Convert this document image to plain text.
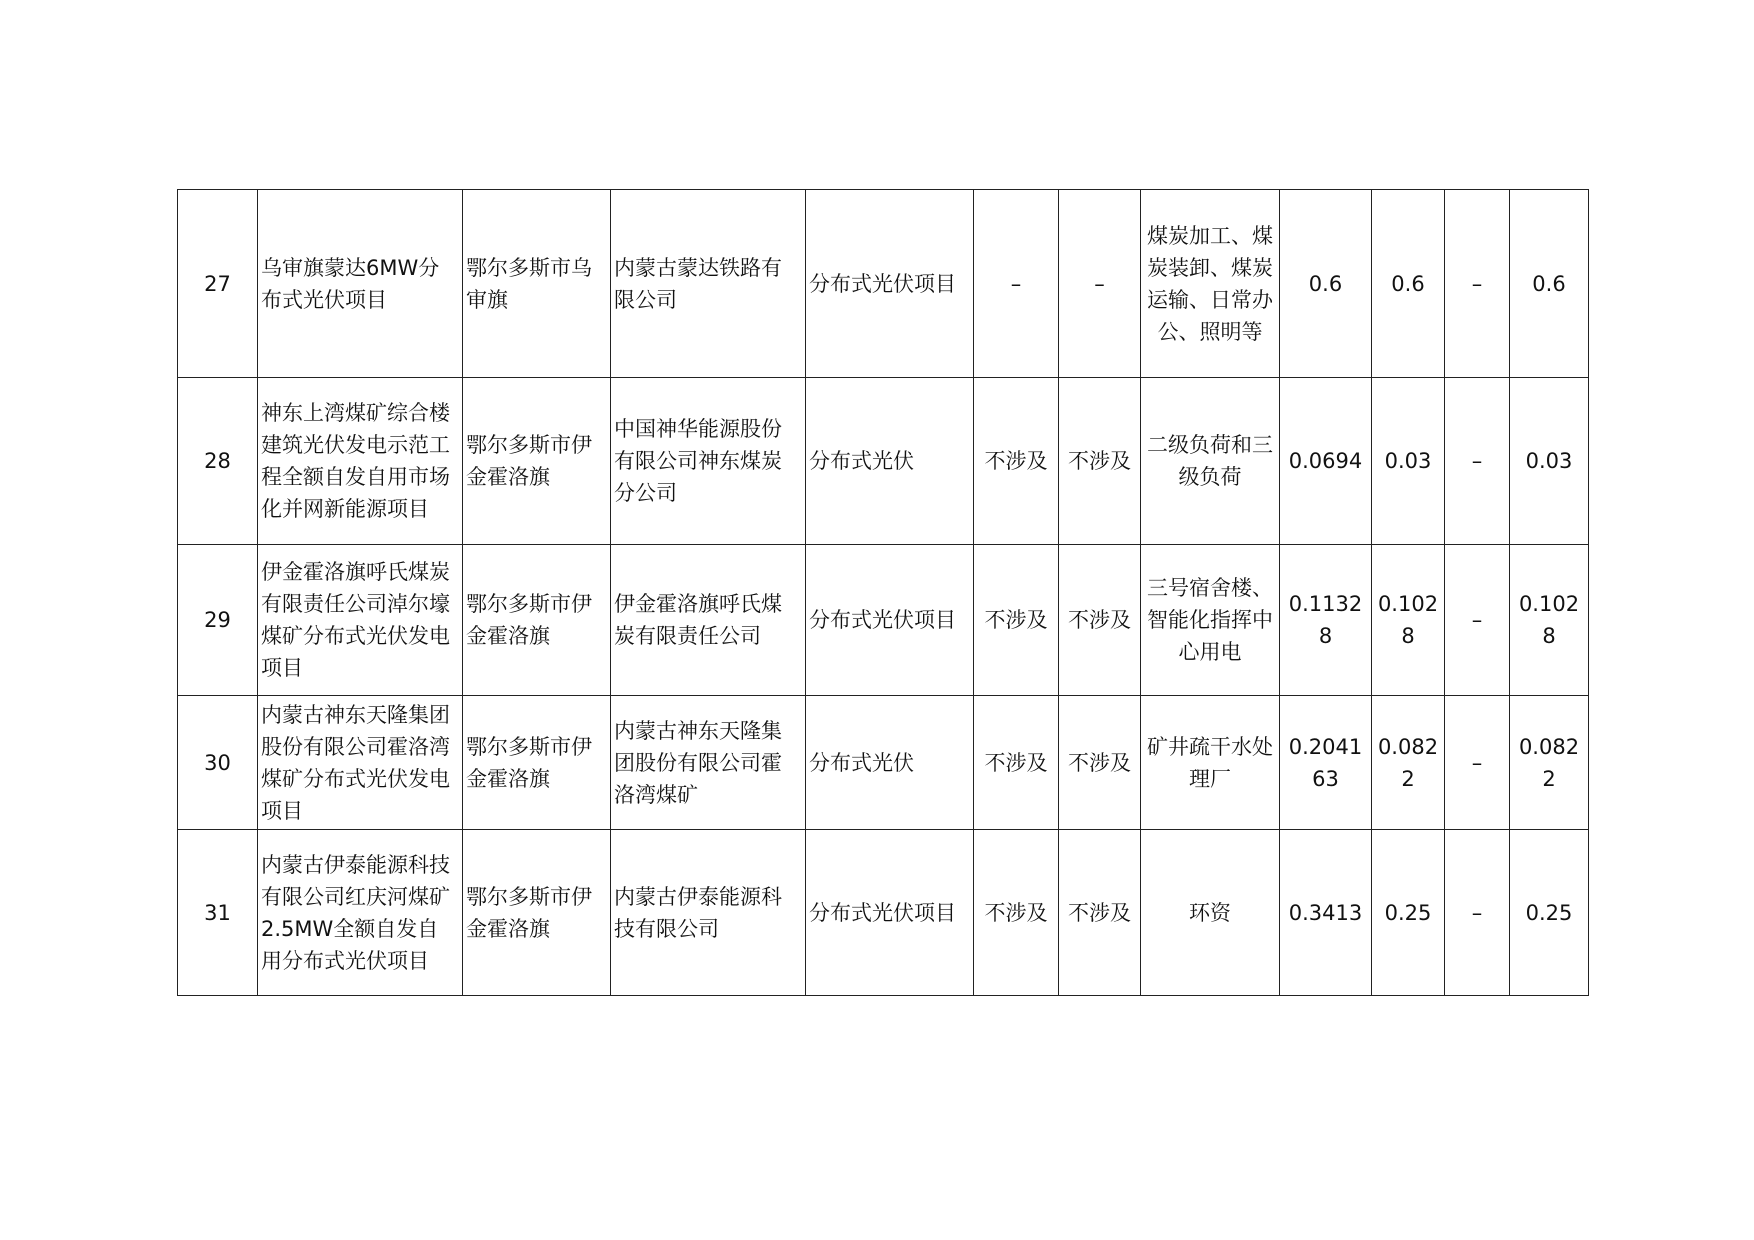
27	乌审旗蒙达6MW分布式光伏项目	鄂尔多斯市乌审旗	内蒙古蒙达铁路有限公司	分布式光伏项目	–	–	煤炭加工、煤炭装卸、煤炭运输、日常办公、照明等	0.6	0.6	–	0.6
28	神东上湾煤矿综合楼建筑光伏发电示范工程全额自发自用市场化并网新能源项目	鄂尔多斯市伊金霍洛旗	中国神华能源股份有限公司神东煤炭分公司	分布式光伏	不涉及	不涉及	二级负荷和三级负荷	0.0694	0.03	–	0.03
29	伊金霍洛旗呼氏煤炭有限责任公司淖尔壕煤矿分布式光伏发电项目	鄂尔多斯市伊金霍洛旗	伊金霍洛旗呼氏煤炭有限责任公司	分布式光伏项目	不涉及	不涉及	三号宿舍楼、智能化指挥中心用电	0.11328	0.1028	–	0.1028
30	内蒙古神东天隆集团股份有限公司霍洛湾煤矿分布式光伏发电项目	鄂尔多斯市伊金霍洛旗	内蒙古神东天隆集团股份有限公司霍洛湾煤矿	分布式光伏	不涉及	不涉及	矿井疏干水处理厂	0.204163	0.0822	–	0.0822
31	内蒙古伊泰能源科技有限公司红庆河煤矿2.5MW全额自发自用分布式光伏项目	鄂尔多斯市伊金霍洛旗	内蒙古伊泰能源科技有限公司	分布式光伏项目	不涉及	不涉及	环资	0.3413	0.25	–	0.25
